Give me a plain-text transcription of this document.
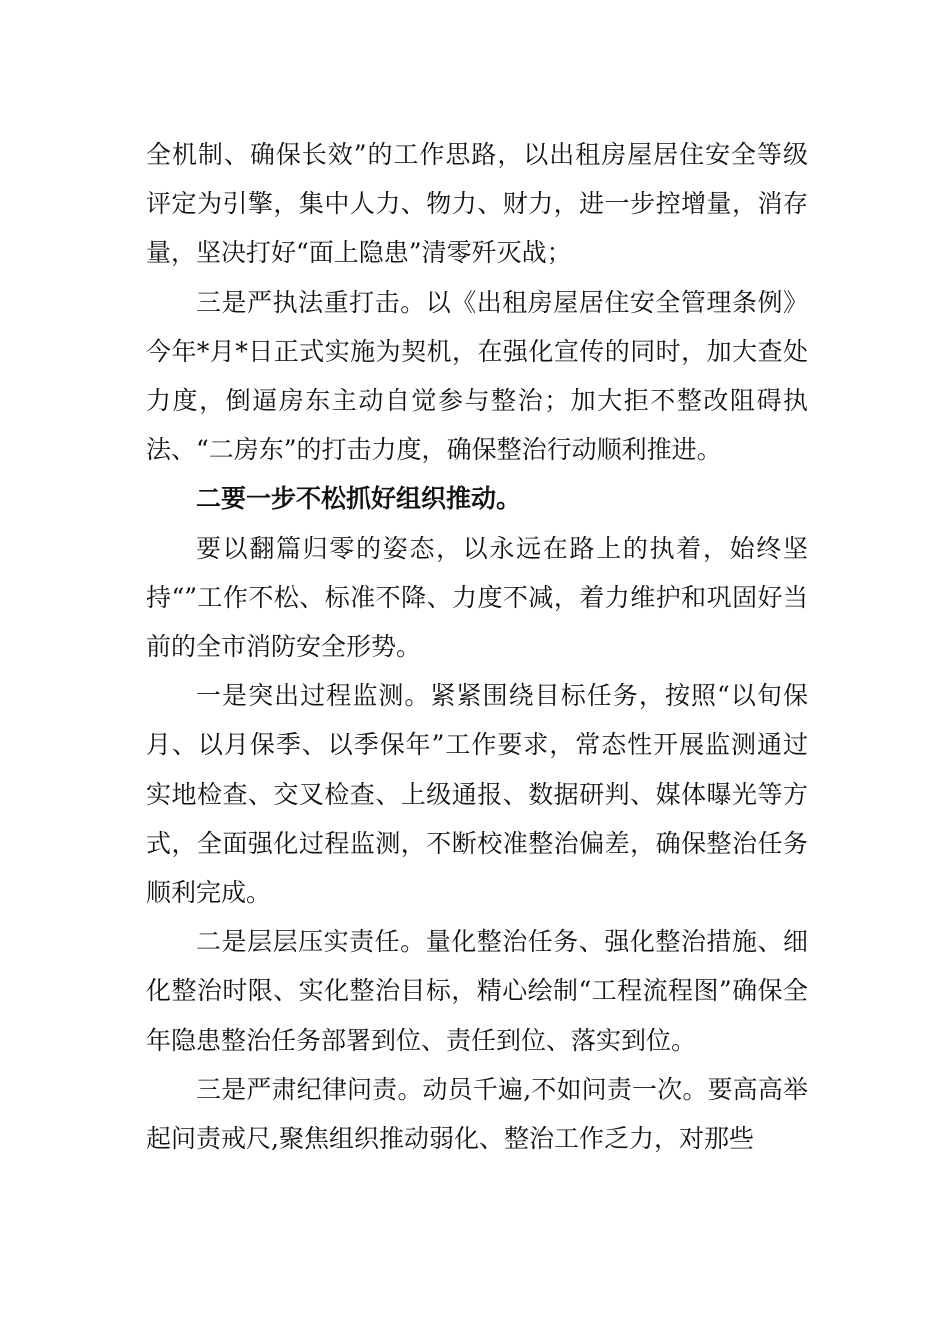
全机制、确保长效”的工作思路，以出租房屋居住安全等级评定为引擎，集中人力、物力、财力，进一步控增量，消存量，坚决打好“面上隐患”清零歼灭战；

三是严执法重打击。以《出租房屋居住安全管理条例》今年*月*日正式实施为契机，在强化宣传的同时，加大查处力度，倒逼房东主动自觉参与整治；加大拒不整改阻碍执法、“二房东”的打击力度，确保整治行动顺利推进。

二要一步不松抓好组织推动。

要以翻篇归零的姿态，以永远在路上的执着，始终坚持“”工作不松、标准不降、力度不减，着力维护和巩固好当前的全市消防安全形势。

一是突出过程监测。紧紧围绕目标任务，按照“以旬保月、以月保季、以季保年”工作要求，常态性开展监测通过实地检查、交叉检查、上级通报、数据研判、媒体曝光等方式，全面强化过程监测，不断校准整治偏差，确保整治任务顺利完成。

二是层层压实责任。量化整治任务、强化整治措施、细化整治时限、实化整治目标，精心绘制“工程流程图”确保全年隐患整治任务部署到位、责任到位、落实到位。

三是严肃纪律问责。动员千遍,不如问责一次。要高高举起问责戒尺,聚焦组织推动弱化、整治工作乏力，对那些
